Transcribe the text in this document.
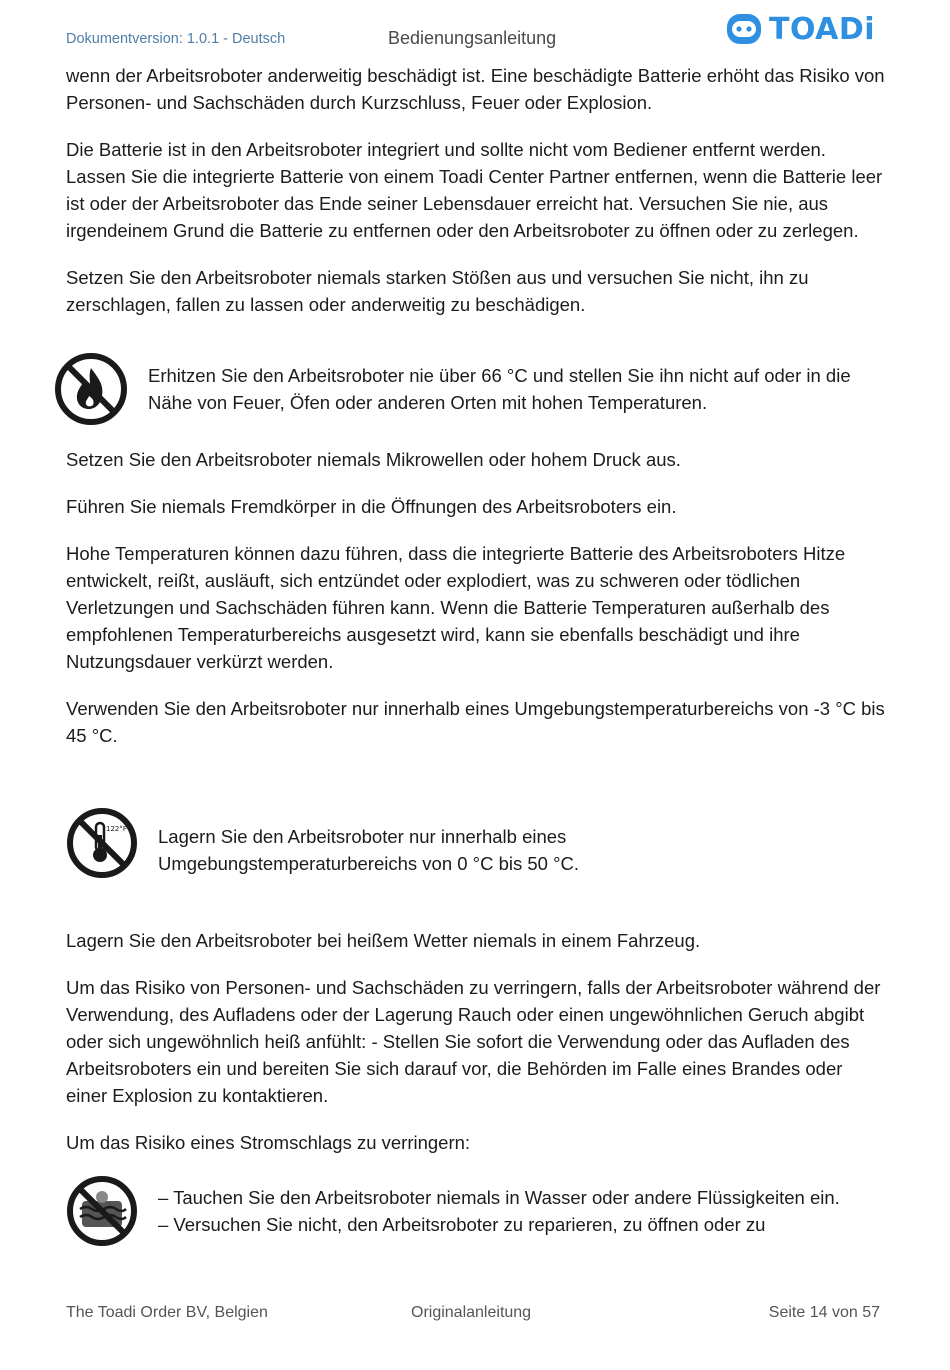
Dokumentversion: 1.0.1 - Deutsch	Bedienungsanleitung	TOADi

wenn der Arbeitsroboter anderweitig beschädigt ist. Eine beschädigte Batterie erhöht das Risiko von Personen- und Sachschäden durch Kurzschluss, Feuer oder Explosion.

Die Batterie ist in den Arbeitsroboter integriert und sollte nicht vom Bediener entfernt werden. Lassen Sie die integrierte Batterie von einem Toadi Center Partner entfernen, wenn die Batterie leer ist oder der Arbeitsroboter das Ende seiner Lebensdauer erreicht hat. Versuchen Sie nie, aus irgendeinem Grund die Batterie zu entfernen oder den Arbeitsroboter zu öffnen oder zu zerlegen.

Setzen Sie den Arbeitsroboter niemals starken Stößen aus und versuchen Sie nicht, ihn zu zerschlagen, fallen zu lassen oder anderweitig zu beschädigen.

Erhitzen Sie den Arbeitsroboter nie über 66 °C und stellen Sie ihn nicht auf oder in die Nähe von Feuer, Öfen oder anderen Orten mit hohen Temperaturen.

Setzen Sie den Arbeitsroboter niemals Mikrowellen oder hohem Druck aus.

Führen Sie niemals Fremdkörper in die Öffnungen des Arbeitsroboters ein.

Hohe Temperaturen können dazu führen, dass die integrierte Batterie des Arbeitsroboters Hitze entwickelt, reißt, ausläuft, sich entzündet oder explodiert, was zu schweren oder tödlichen Verletzungen und Sachschäden führen kann. Wenn die Batterie Temperaturen außerhalb des empfohlenen Temperaturbereichs ausgesetzt wird, kann sie ebenfalls beschädigt und ihre Nutzungsdauer verkürzt werden.

Verwenden Sie den Arbeitsroboter nur innerhalb eines Umgebungstemperaturbereichs von -3 °C bis 45 °C.

122°F Lagern Sie den Arbeitsroboter nur innerhalb eines Umgebungstemperaturbereichs von 0 °C bis 50 °C.

Lagern Sie den Arbeitsroboter bei heißem Wetter niemals in einem Fahrzeug.

Um das Risiko von Personen- und Sachschäden zu verringern, falls der Arbeitsroboter während der Verwendung, des Aufladens oder der Lagerung Rauch oder einen ungewöhnlichen Geruch abgibt oder sich ungewöhnlich heiß anfühlt: - Stellen Sie sofort die Verwendung oder das Aufladen des Arbeitsroboters ein und bereiten Sie sich darauf vor, die Behörden im Falle eines Brandes oder einer Explosion zu kontaktieren.

Um das Risiko eines Stromschlags zu verringern:

– Tauchen Sie den Arbeitsroboter niemals in Wasser oder andere Flüssigkeiten ein.
– Versuchen Sie nicht, den Arbeitsroboter zu reparieren, zu öffnen oder zu
The Toadi Order BV, Belgien	Originalanleitung	Seite 14 von 57
